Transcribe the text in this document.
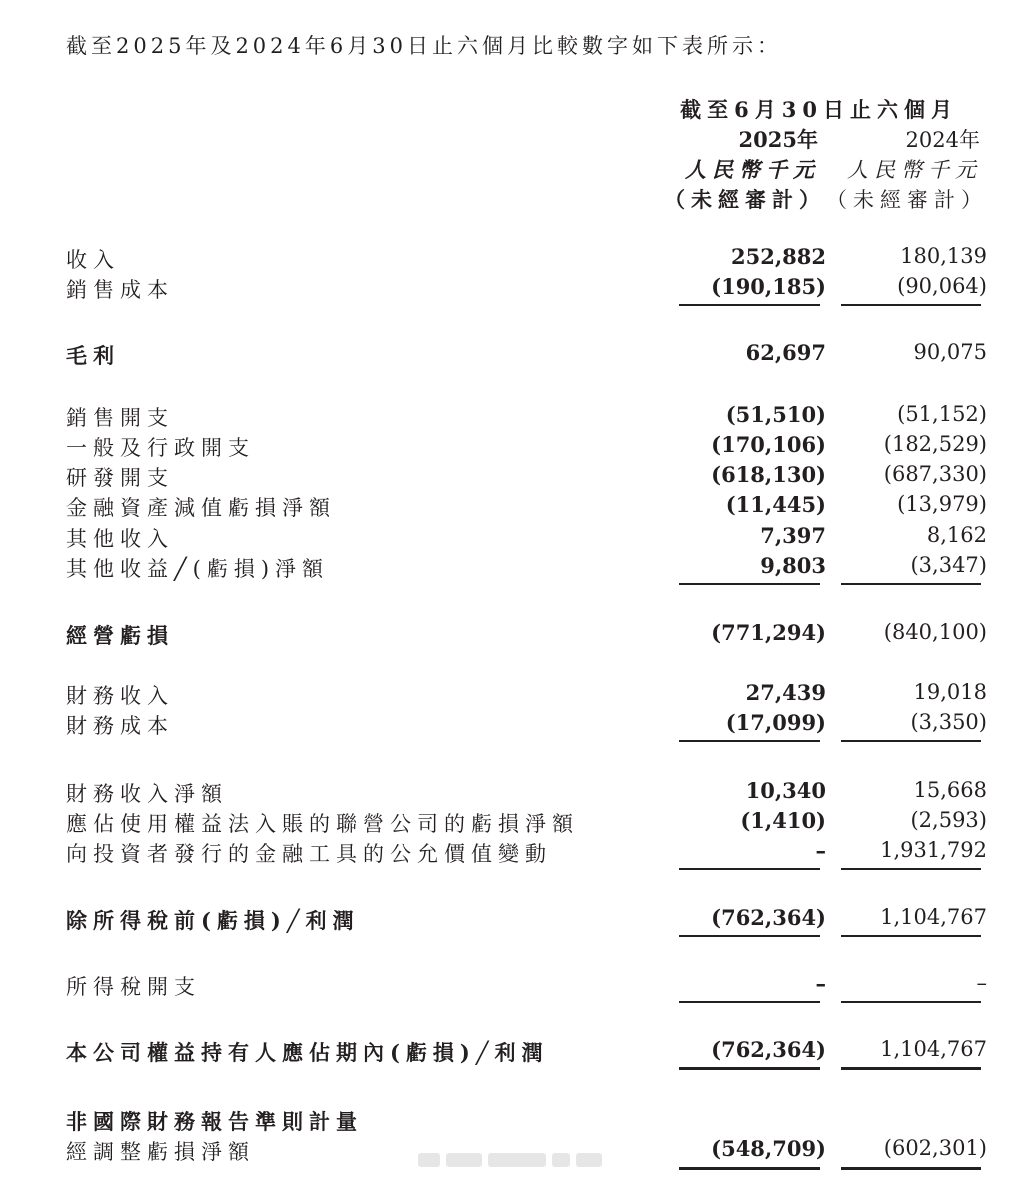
截至2025年及2024年6月30日止六個月比較數字如下表所示：
截至6月30日止六個月
2025年	2024年
人民幣千元 人民幣千元
（未經審計） （未經審計）
收入	252,882	180,139
銷售成本	(190,185)	(90,064)
毛利	62,697	90,075
銷售開支	(51,510)	(51,152)
一般及行政開支	(170,106)	(182,529)
研發開支	(618,130)	(687,330)
金融資產減值虧損淨額	(11,445)	(13,979)
其他收入	7,397	8,162
其他收益╱(虧損)淨額	9,803	(3,347)
經營虧損	(771,294)	(840,100)
財務收入	27,439	19,018
財務成本	(17,099)	(3,350)
財務收入淨額	10,340	15,668
應佔使用權益法入賬的聯營公司的虧損淨額	(1,410)	(2,593)
向投資者發行的金融工具的公允價值變動	–	1,931,792
除所得稅前(虧損)╱利潤	(762,364)	1,104,767
所得稅開支	–	–
本公司權益持有人應佔期內(虧損)╱利潤	(762,364)	1,104,767
非國際財務報告準則計量
經調整虧損淨額	(548,709)	(602,301)
